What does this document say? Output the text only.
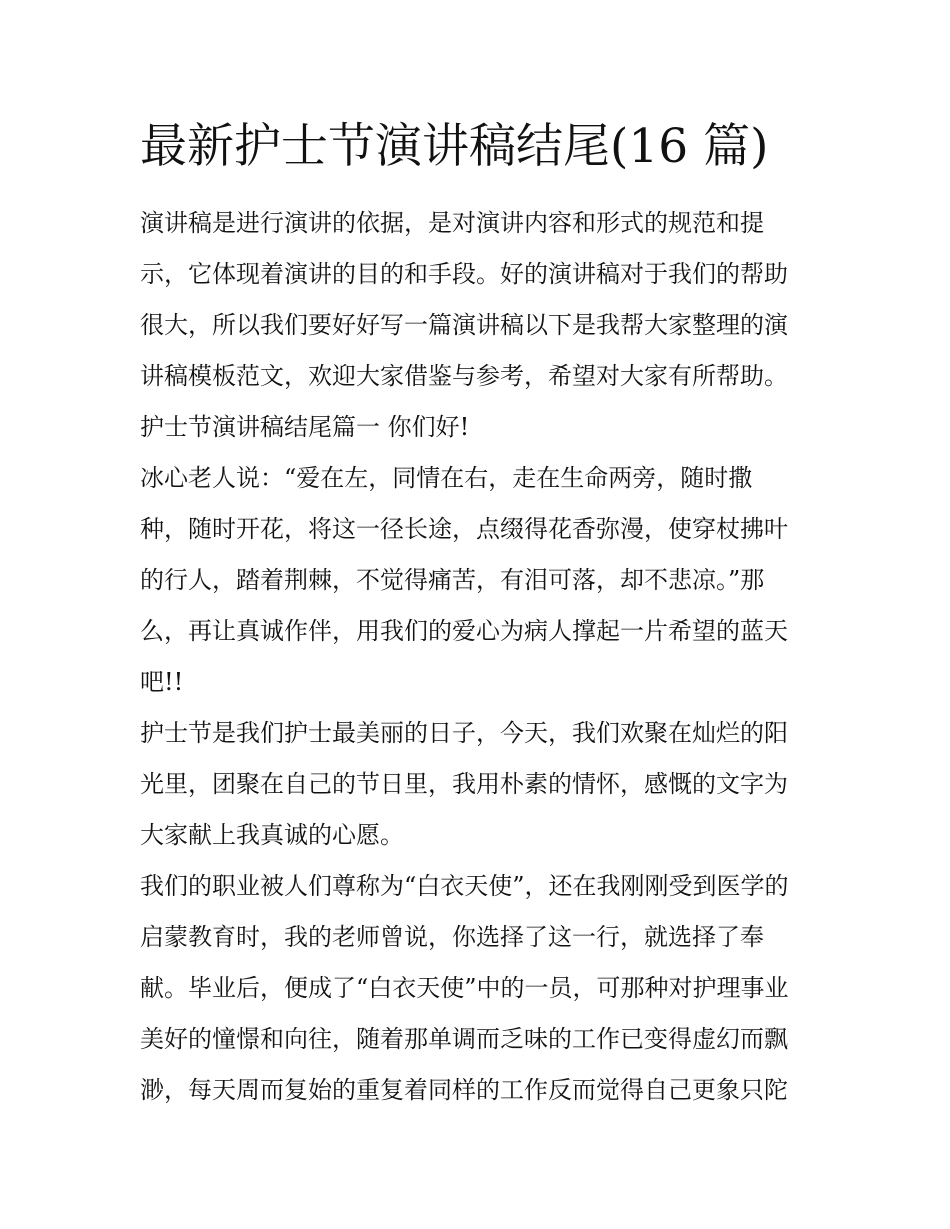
最新护士节演讲稿结尾(16 篇)
演讲稿是进行演讲的依据，是对演讲内容和形式的规范和提
示，它体现着演讲的目的和手段。好的演讲稿对于我们的帮助
很大，所以我们要好好写一篇演讲稿以下是我帮大家整理的演
讲稿模板范文，欢迎大家借鉴与参考，希望对大家有所帮助。
护士节演讲稿结尾篇一 你们好!
冰心老人说：“爱在左，同情在右，走在生命两旁，随时撒
种，随时开花，将这一径长途，点缀得花香弥漫，使穿杖拂叶
的行人，踏着荆棘，不觉得痛苦，有泪可落，却不悲凉。”那
么，再让真诚作伴，用我们的爱心为病人撑起一片希望的蓝天
吧!!
护士节是我们护士最美丽的日子，今天，我们欢聚在灿烂的阳
光里，团聚在自己的节日里，我用朴素的情怀，感慨的文字为
大家献上我真诚的心愿。
我们的职业被人们尊称为“白衣天使”，还在我刚刚受到医学的
启蒙教育时，我的老师曾说，你选择了这一行，就选择了奉
献。毕业后，便成了“白衣天使”中的一员，可那种对护理事业
美好的憧憬和向往，随着那单调而乏味的工作已变得虚幻而飘
渺，每天周而复始的重复着同样的工作反而觉得自己更象只陀
